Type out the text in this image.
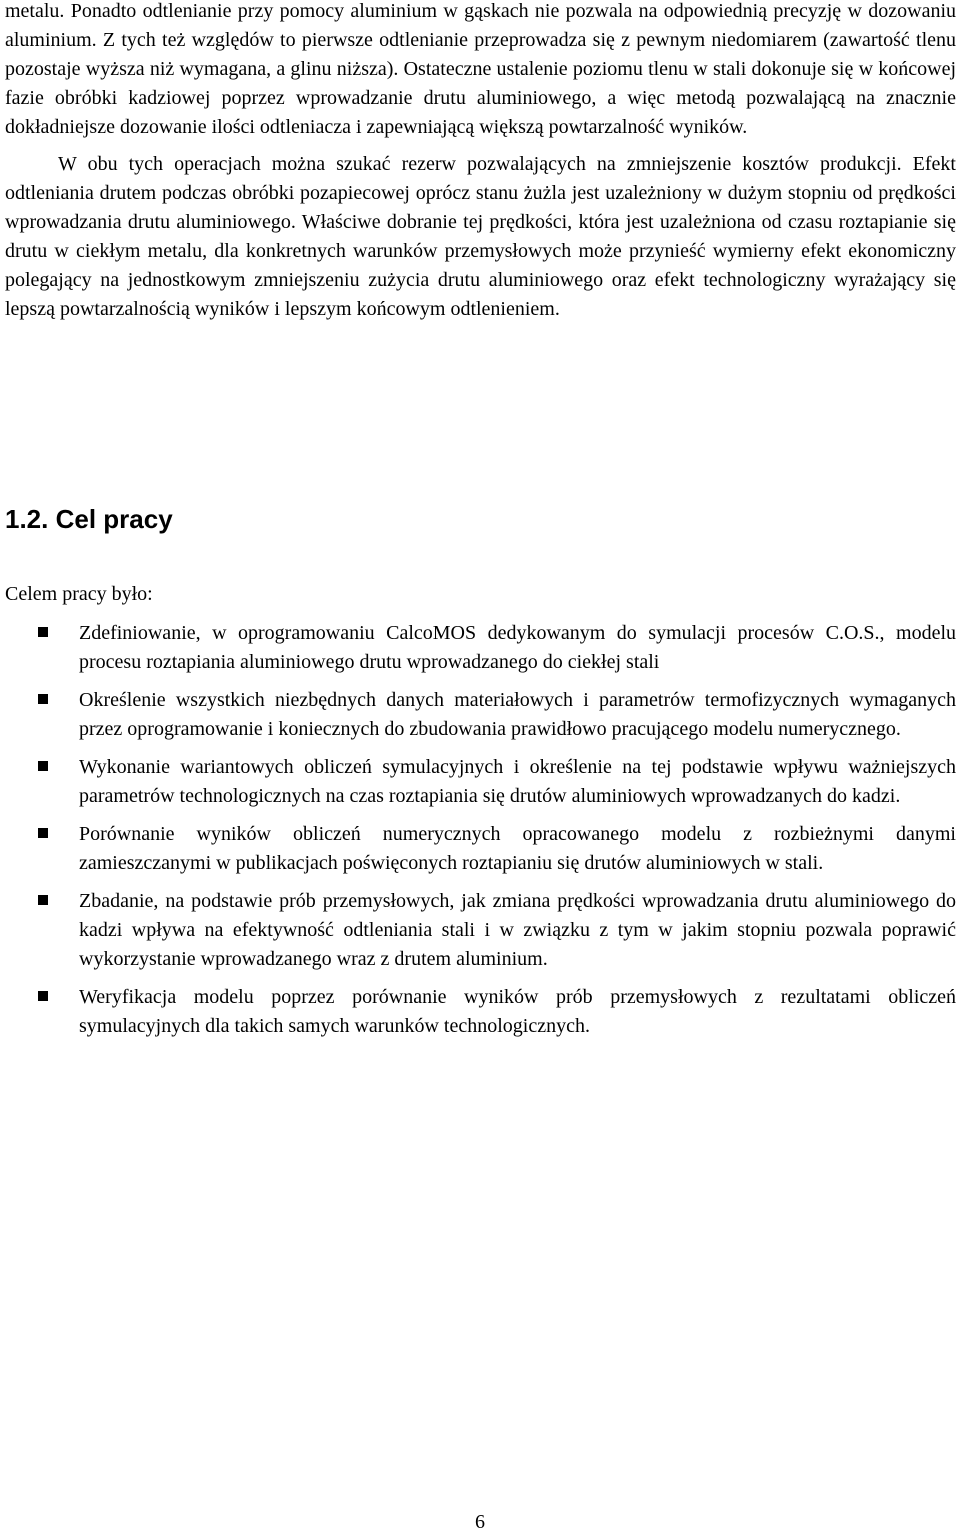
metalu. Ponadto odtlenianie przy pomocy aluminium w gąskach nie pozwala na odpowiednią precyzję w dozowaniu aluminium. Z tych też względów to pierwsze odtlenianie przeprowadza się z pewnym niedomiarem (zawartość tlenu pozostaje wyższa niż wymagana, a glinu niższa). Ostateczne ustalenie poziomu tlenu w stali dokonuje się w końcowej fazie obróbki kadziowej poprzez wprowadzanie drutu aluminiowego, a więc metodą pozwalającą na znacznie dokładniejsze dozowanie ilości odtleniacza i zapewniającą większą powtarzalność wyników.

W obu tych operacjach można szukać rezerw pozwalających na zmniejszenie kosztów produkcji. Efekt odtleniania drutem podczas obróbki pozapiecowej oprócz stanu żużla jest uzależniony w dużym stopniu od prędkości wprowadzania drutu aluminiowego. Właściwe dobranie tej prędkości, która jest uzależniona od czasu roztapianie się drutu w ciekłym metalu, dla konkretnych warunków przemysłowych może przynieść wymierny efekt ekonomiczny polegający na jednostkowym zmniejszeniu zużycia drutu aluminiowego oraz efekt technologiczny wyrażający się lepszą powtarzalnością wyników i lepszym końcowym odtlenieniem.

1.2. Cel pracy

Celem pracy było:

Zdefiniowanie, w oprogramowaniu CalcoMOS dedykowanym do symulacji procesów C.O.S., modelu procesu roztapiania aluminiowego drutu wprowadzanego do ciekłej stali
Określenie wszystkich niezbędnych danych materiałowych i parametrów termofizycznych wymaganych przez oprogramowanie i koniecznych do zbudowania prawidłowo pracującego modelu numerycznego.
Wykonanie wariantowych obliczeń symulacyjnych i określenie na tej podstawie wpływu ważniejszych parametrów technologicznych na czas roztapiania się drutów aluminiowych wprowadzanych do kadzi.
Porównanie wyników obliczeń numerycznych opracowanego modelu z rozbieżnymi danymi zamieszczanymi w publikacjach poświęconych roztapianiu się drutów aluminiowych w stali.
Zbadanie, na podstawie prób przemysłowych, jak zmiana prędkości wprowadzania drutu aluminiowego do kadzi wpływa na efektywność odtleniania stali i w związku z tym w jakim stopniu pozwala poprawić wykorzystanie wprowadzanego wraz z drutem aluminium.
Weryfikacja modelu poprzez porównanie wyników prób przemysłowych z rezultatami obliczeń symulacyjnych dla takich samych warunków technologicznych.
6
